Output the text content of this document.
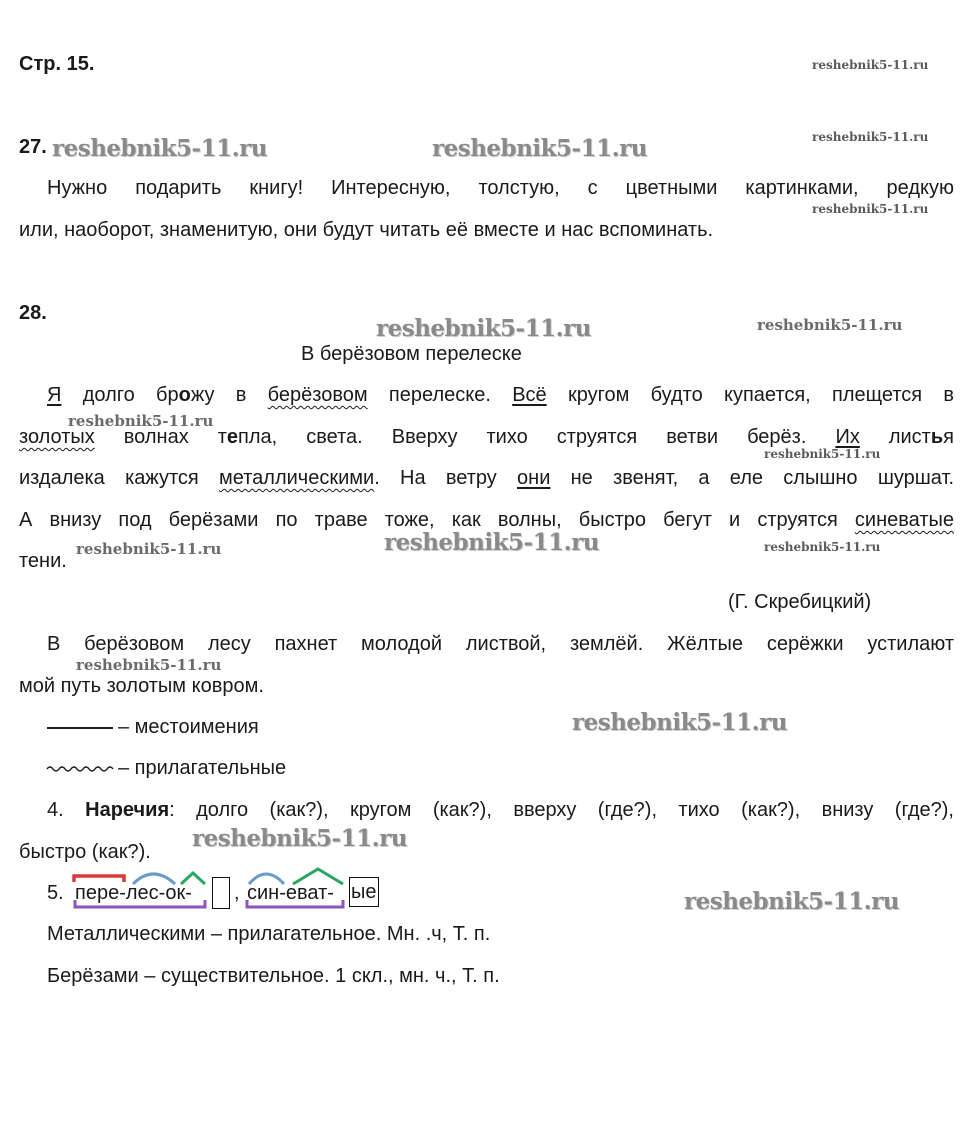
reshebnik5-11.ru
reshebnik5-11.ru
reshebnik5-11.ru
reshebnik5-11.ru	reshebnik5-11.ru
reshebnik5-11.ru	reshebnik5-11.ru
reshebnik5-11.ru
reshebnik5-11.ru
reshebnik5-11.ru
reshebnik5-11.ru	reshebnik5-11.ru
reshebnik5-11.ru
reshebnik5-11.ru
reshebnik5-11.ru
reshebnik5-11.ru
Стр. 15.
27.
Нужно подарить книгу! Интересную, толстую, с цветными картинками, редкую
или, наоборот, знаменитую, они будут читать её вместе и нас вспоминать.
28.
В берёзовом перелеске
Я долго брожу в берёзовом перелеске. Всё кругом будто купается, плещется в
золотых волнах тепла, света. Вверху тихо струятся ветви берёз. Их листья
издалека кажутся металлическими. На ветру они не звенят, а еле слышно шуршат.
А внизу под берёзами по траве тоже, как волны, быстро бегут и струятся синеватые
тени.
(Г. Скребицкий)
В берёзовом лесу пахнет молодой листвой, землёй. Жёлтые серёжки устилают
мой путь золотым ковром.
– местоимения
– прилагательные
4. Наречия: долго (как?), кругом (как?), вверху (где?), тихо (как?), внизу (где?),
быстро (как?).
5. пере-лес-ок- , син-еват- ые
Металлическими – прилагательное. Мн. .ч, Т. п.
Берёзами – существительное. 1 скл., мн. ч., Т. п.
